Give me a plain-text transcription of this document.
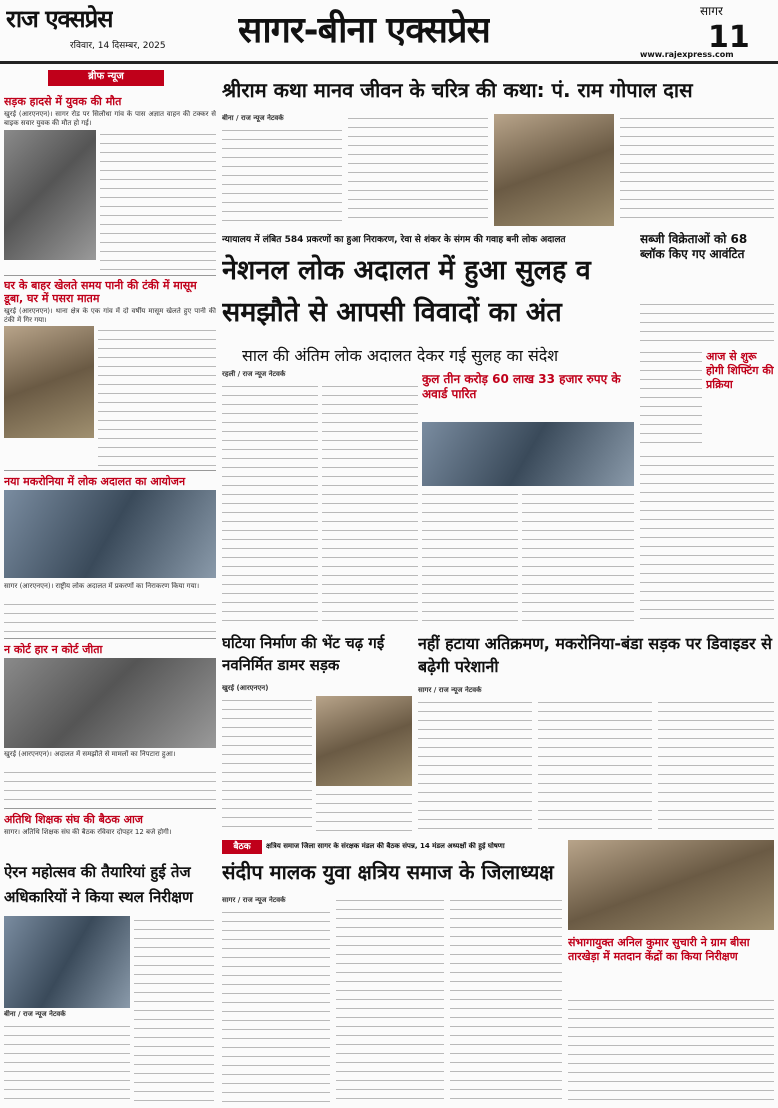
राज एक्सप्रेस
रविवार, 14 दिसम्बर, 2025 सागर-बीना एक्सप्रेस	सागर
11
www.rajexpress.com
ब्रीफ न्यूज
सड़क हादसे में युवक की मौत
खुरई (आरएनएन)। सागर रोड पर सिलौधा गांव के पास अज्ञात वाहन की टक्कर से बाइक सवार युवक की मौत हो गई।
घर के बाहर खेलते समय पानी की टंकी में मासूम डूबा, घर में पसरा मातम
खुरई (आरएनएन)। थाना क्षेत्र के एक गांव में दो वर्षीय मासूम खेलते हुए पानी की टंकी में गिर गया।
नया मकरोनिया में लोक अदालत का आयोजन
सागर (आरएनएन)। राष्ट्रीय लोक अदालत में प्रकरणों का निराकरण किया गया।
न कोर्ट हार न कोर्ट जीता
खुरई (आरएनएन)। अदालत में समझौते से मामलों का निपटारा हुआ।
अतिथि शिक्षक संघ की बैठक आज
सागर। अतिथि शिक्षक संघ की बैठक रविवार दोपहर 12 बजे होगी।
श्रीराम कथा मानव जीवन के चरित्र की कथा: पं. राम गोपाल दास
बीना / राज न्यूज नेटवर्क
न्यायालय में लंबित 584 प्रकरणों का हुआ निराकरण, रेवा से शंकर के संगम की गवाह बनी लोक अदालत
नेशनल लोक अदालत में हुआ सुलह व समझौते से आपसी विवादों का अंत
साल की अंतिम लोक अदालत देकर गई सुलह का संदेश
रहली / राज न्यूज नेटवर्क	कुल तीन करोड़ 60 लाख 33 हजार रुपए के अवार्ड पारित
सब्जी विक्रेताओं को 68 ब्लॉक किए गए आवंटित
आज से शुरू होगी शिफ्टिंग की प्रक्रिया
घटिया निर्माण की भेंट चढ़ गई नवनिर्मित डामर सड़क
खुरई (आरएनएन)
नहीं हटाया अतिक्रमण, मकरोनिया-बंडा सड़क पर डिवाइडर से बढ़ेगी परेशानी
सागर / राज न्यूज नेटवर्क
ऐरन महोत्सव की तैयारियां हुई तेज अधिकारियों ने किया स्थल निरीक्षण
बीना / राज न्यूज नेटवर्क
बैठक	क्षत्रिय समाज जिला सागर के संरक्षक मंडल की बैठक संपन्न, 14 मंडल अध्यक्षों की हुई घोषणा
संदीप मालक युवा क्षत्रिय समाज के जिलाध्यक्ष
सागर / राज न्यूज नेटवर्क
संभागायुक्त अनिल कुमार सुचारी ने ग्राम बीसा तारखेड़ा में मतदान केंद्रों का किया निरीक्षण
